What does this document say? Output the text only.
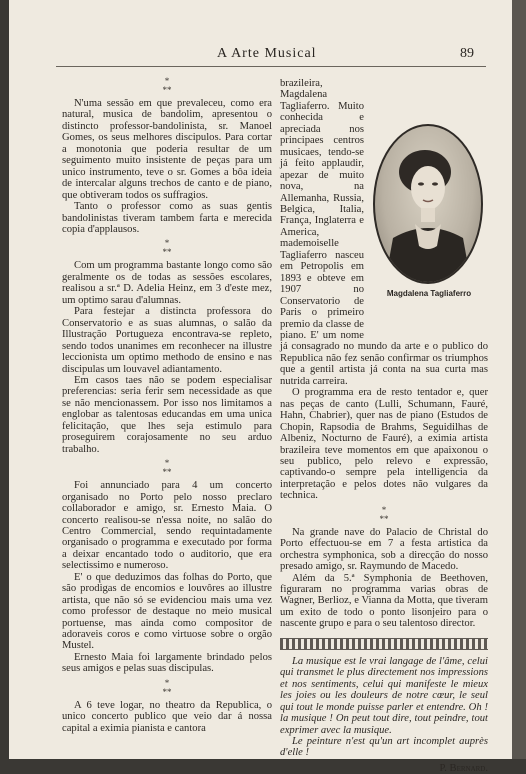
A Arte Musical	89
*
**

N'uma sessão em que prevaleceu, como era natural, musica de bandolim, apresentou o distincto professor-bandolinista, sr. Manoel Gomes, os seus melhores discipulos. Para cortar a monotonia que poderia resultar de um seguimento muito insistente de peças para um unico instrumento, teve o sr. Gomes a bôa ideia de intercalar alguns trechos de canto e de piano, que obtiveram todos os suffragios.

Tanto o professor como as suas gentis bandolinistas tiveram tambem farta e merecida copia d'applausos.

*
**

Com um programma bastante longo como são geralmente os de todas as sessões escolares, realisou a sr.ª D. Adelia Heinz, em 3 d'este mez, um optimo sarau d'alumnas.

Para festejar a distincta professora do Conservatorio e as suas alumnas, o salão da Illustração Portugueza encontrava-se repleto, sendo todos unanimes em reconhecer na illustre leccionista um optimo methodo de ensino e nas discipulas um louvavel adiantamento.

Em casos taes não se podem especialisar preferencias: seria ferir sem necessidade as que se não mencionassem. Por isso nos limitamos a englobar as talentosas educandas em uma unica felicitação, que lhes seja estimulo para proseguirem corajosamente no seu arduo trabalho.

*
**

Foi annunciado para 4 um concerto organisado no Porto pelo nosso preclaro collaborador e amigo, sr. Ernesto Maia. O concerto realisou-se n'essa noite, no salão do Centro Commercial, sendo requintadamente organisado o programma e executado por forma a deixar encantado todo o auditorio, que era selectissimo e numeroso.

E' o que deduzimos das folhas do Porto, que são prodigas de encomios e louvôres ao illustre artista, que não só se evidenciou mais uma vez como professor de destaque no meio musical portuense, mas ainda como compositor de adoraveis coros e como virtuose sobre o orgão Mustel.

Ernesto Maia foi largamente brindado pelos seus amigos e pelas suas discipulas.

*
**

A 6 teve logar, no theatro da Republica, o unico concerto publico que veio dar á nossa capital a eximia pianista e cantora

Magdalena Tagliaferro

brazileira, Magdalena Tagliaferro. Muito conhecida e apreciada nos principaes centros musicaes, tendo-se já feito applaudir, apezar de muito nova, na Allemanha, Russia, Belgica, Italia, França, Inglaterra e America, mademoiselle Tagliaferro nasceu em Petropolis em 1893 e obteve em 1907 no Conservatorio de Paris o primeiro premio da classe de piano. E' um nome já consagrado no mundo da arte e o publico do Republica não fez senão confirmar os triumphos que a gentil artista já conta na sua curta mas nutrida carreira.

O programma era de resto tentador e, quer nas peças de canto (Lulli, Schumann, Fauré, Hahn, Chabrier), quer nas de piano (Estudos de Chopin, Rapsodia de Brahms, Seguidilhas de Albeniz, Nocturno de Fauré), a eximia artista brazileira teve momentos em que apaixonou o seu publico, pelo relevo e expressão, captivando-o sempre pela intelligencia da interpretação e pelos dotes não vulgares da technica.

*
**

Na grande nave do Palacio de Christal do Porto effectuou-se em 7 a festa artistica da orchestra symphonica, sob a direcção do nosso presado amigo, sr. Raymundo de Macedo.

Além da 5.ª Symphonia de Beethoven, figuraram no programma varias obras de Wagner, Berlioz, e Vianna da Motta, que tiveram um exito de todo o ponto lisonjeiro para o nascente grupo e para o seu talentoso director.

La musique est le vrai langage de l'âme, celui qui transmet le plus directement nos impressions et nos sentiments, celui qui manifeste le mieux les joies ou les douleurs de notre cœur, le seul qui tout le monde puisse parler et entendre. Oh ! la musique ! On peut tout dire, tout peindre, tout exprimer avec la musique.

Le peinture n'est qu'un art incomplet auprès d'elle !

P. Bernard.
